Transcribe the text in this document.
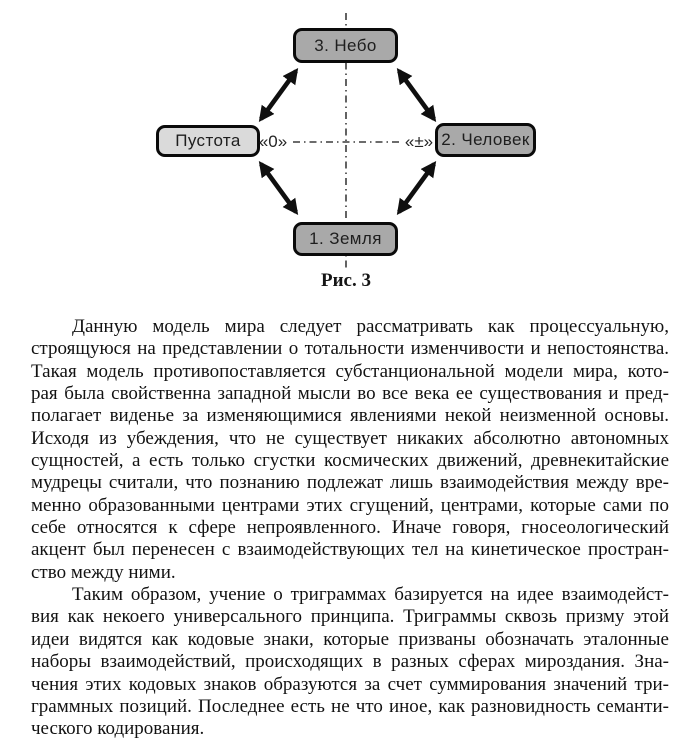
3. Небо
Пустота	2. Человек
1. Земля
«0»	«±»
Рис. 3
Данную модель мира следует рассматривать как процессуальную,
строящуюся на представлении о тотальности изменчивости и непостоянства.
Такая модель противопоставляется субстанциональной модели мира, кото-
рая была свойственна западной мысли во все века ее существования и пред-
полагает виденье за изменяющимися явлениями некой неизменной основы.
Исходя из убеждения, что не существует никаких абсолютно автономных
сущностей, а есть только сгустки космических движений, древнекитайские
мудрецы считали, что познанию подлежат лишь взаимодействия между вре-
менно образованными центрами этих сгущений, центрами, которые сами по
себе относятся к сфере непроявленного. Иначе говоря, гносеологический
акцент был перенесен с взаимодействующих тел на кинетическое простран-
ство между ними.
Таким образом, учение о триграммах базируется на идее взаимодейст-
вия как некоего универсального принципа. Триграммы сквозь призму этой
идеи видятся как кодовые знаки, которые призваны обозначать эталонные
наборы взаимодействий, происходящих в разных сферах мироздания. Зна-
чения этих кодовых знаков образуются за счет суммирования значений три-
граммных позиций. Последнее есть не что иное, как разновидность семанти-
ческого кодирования.
